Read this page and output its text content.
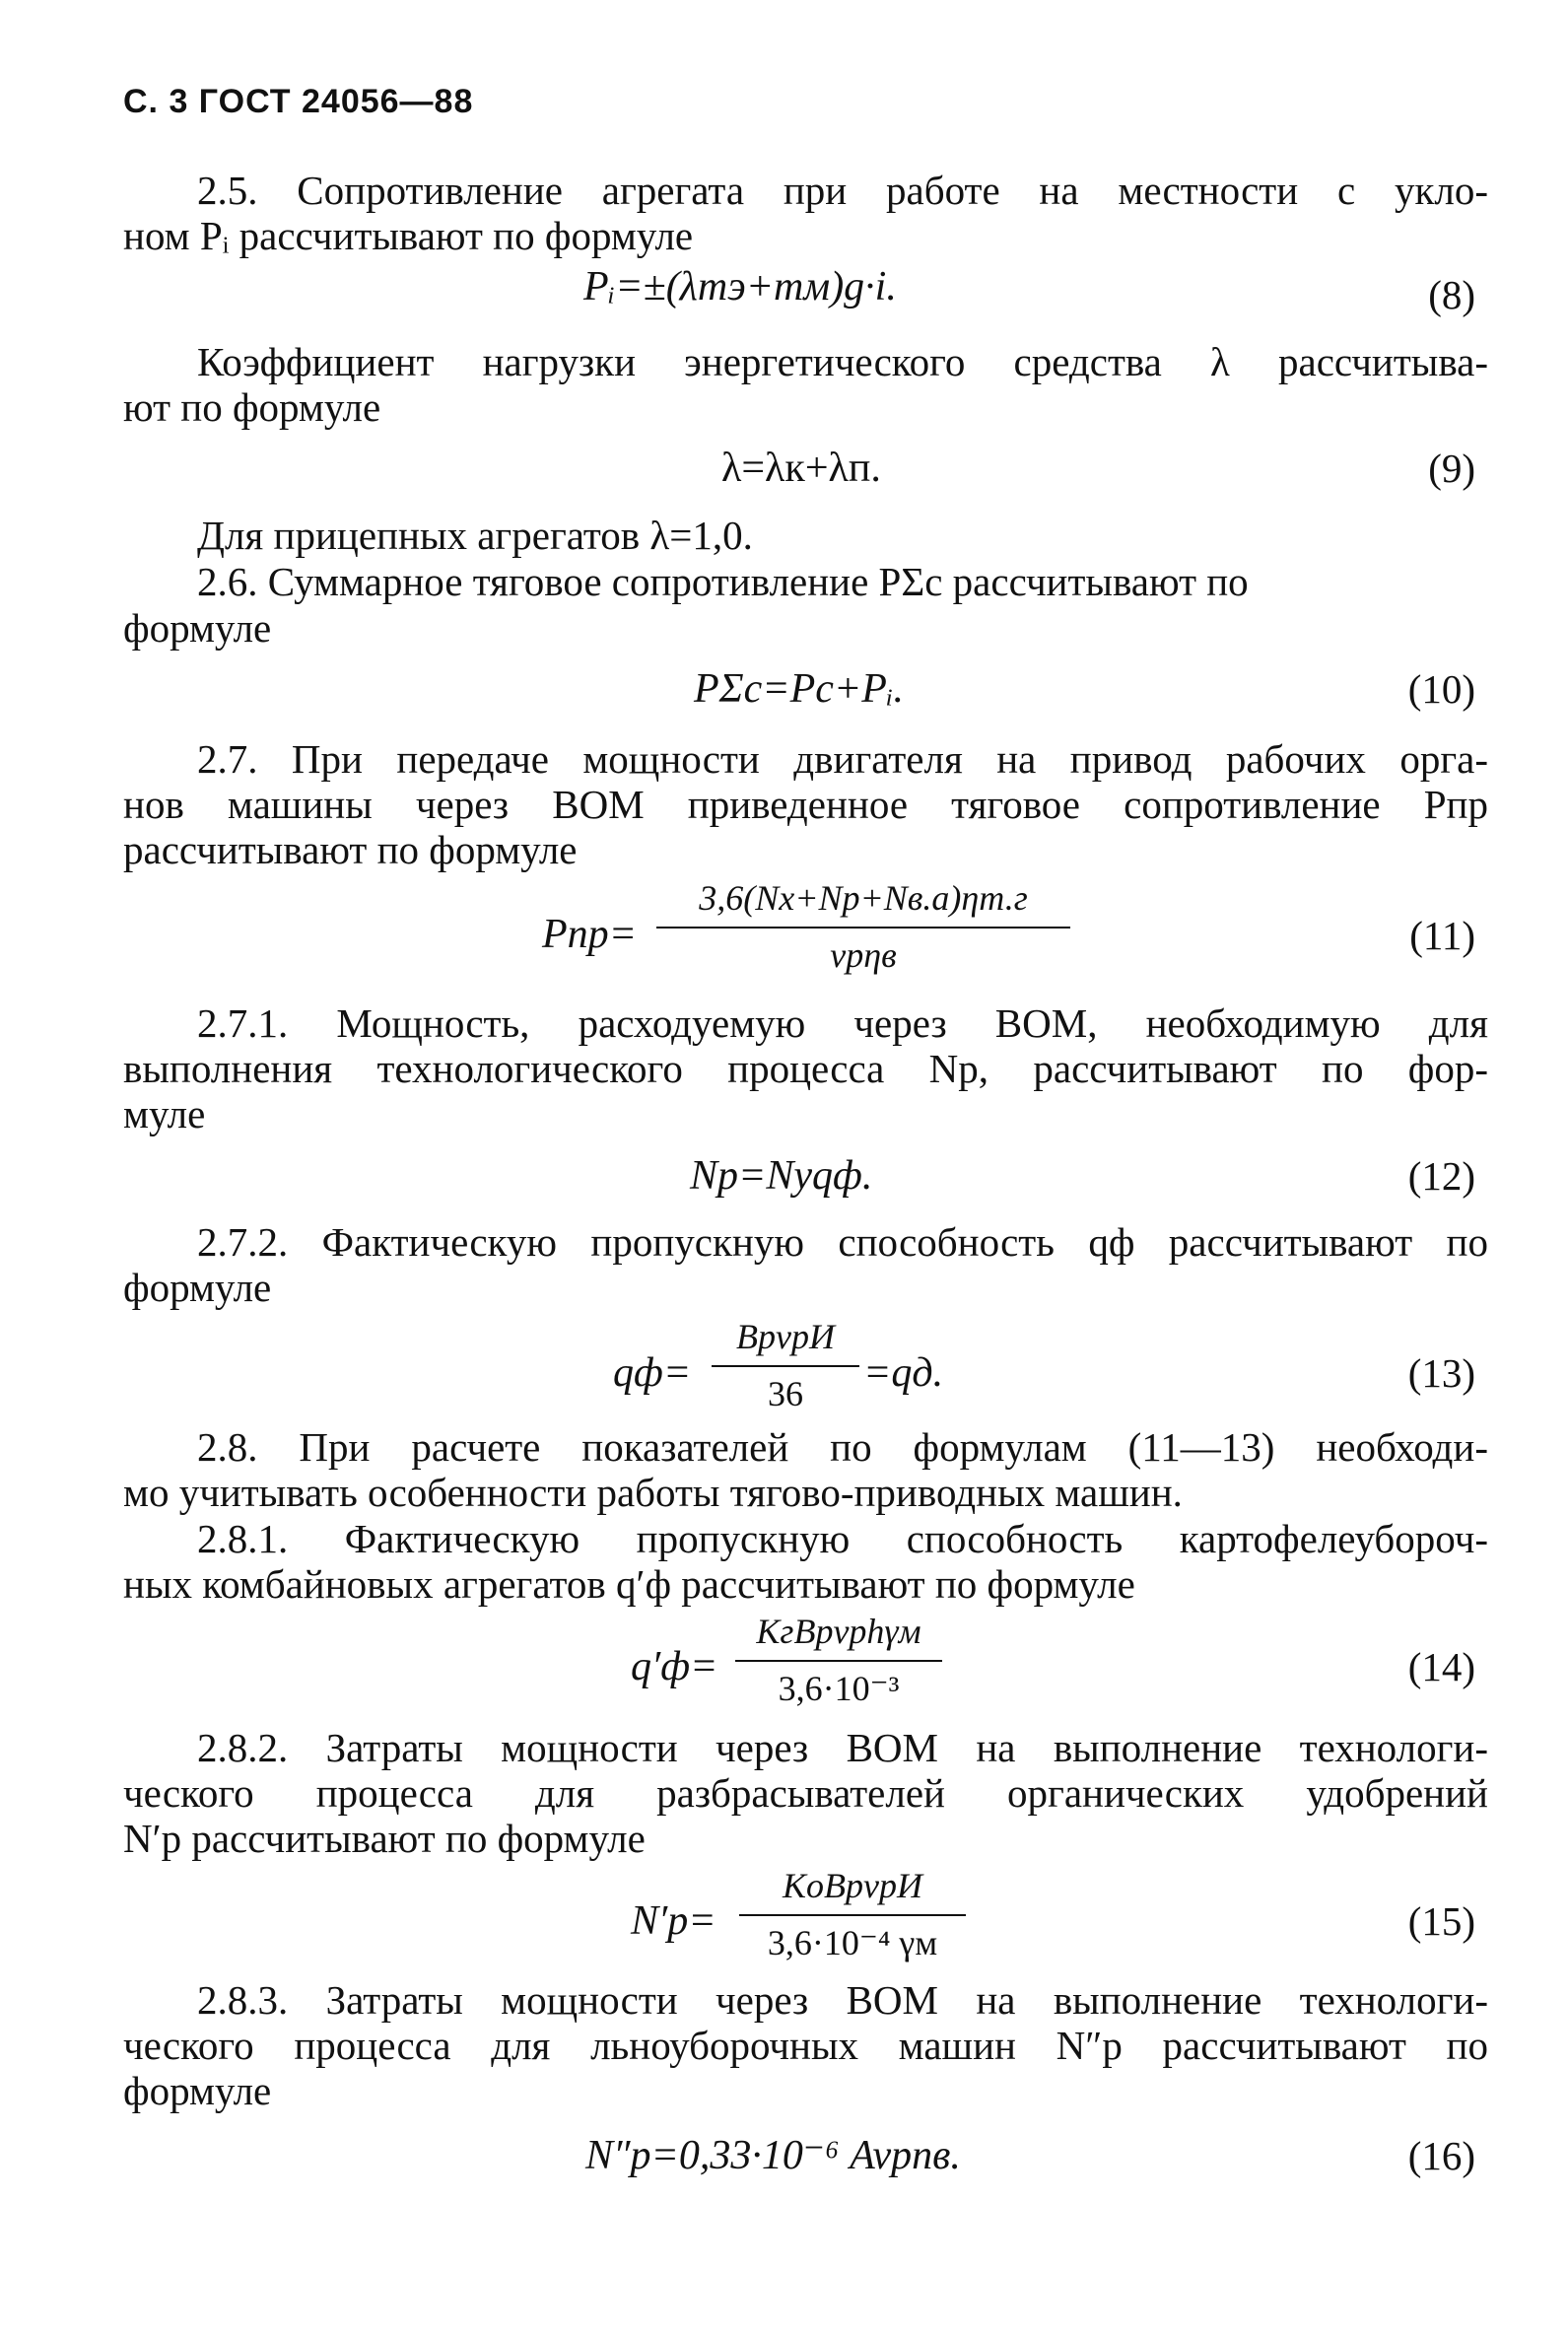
С. 3 ГОСТ 24056—88
2.5. Сопротивление агрегата при работе на местности с укло-
ном Pᵢ рассчитывают по формуле
Pᵢ=±(λmэ+mм)g·i.	(8)
Коэффициент нагрузки энергетического средства λ рассчитыва-
ют по формуле
λ=λк+λп.	(9)
Для прицепных агрегатов λ=1,0.
2.6. Суммарное тяговое сопротивление PΣс рассчитывают по
формуле
PΣс=Pс+Pᵢ.	(10)
2.7. При передаче мощности двигателя на привод рабочих орга-
нов машины через ВОМ приведенное тяговое сопротивление Pпр
рассчитывают по формуле
Pпр=
3,6(Nх+Nр+Nв.а)ηт.г
vрηв	(11)
2.7.1. Мощность, расходуемую через ВОМ, необходимую для
выполнения технологического процесса Nр, рассчитывают по фор-
муле
Nр=Nуqф.	(12)
2.7.2. Фактическую пропускную способность qф рассчитывают по
формуле
qф=
BрvрИ
36	=qд.	(13)
2.8. При расчете показателей по формулам (11—13) необходи-
мо учитывать особенности работы тягово-приводных машин.
2.8.1. Фактическую пропускную способность картофелеубороч-
ных комбайновых агрегатов q′ф рассчитывают по формуле
q′ф=
KгBрvрhγм
3,6·10⁻³	(14)
2.8.2. Затраты мощности через ВОМ на выполнение технологи-
ческого процесса для разбрасывателей органических удобрений
N′р рассчитывают по формуле
N′р=
KоBрvрИ
3,6·10⁻⁴ γм	(15)
2.8.3. Затраты мощности через ВОМ на выполнение технологи-
ческого процесса для льноуборочных машин N″р рассчитывают по
формуле
N″р=0,33·10⁻⁶ Avрnв.	(16)
